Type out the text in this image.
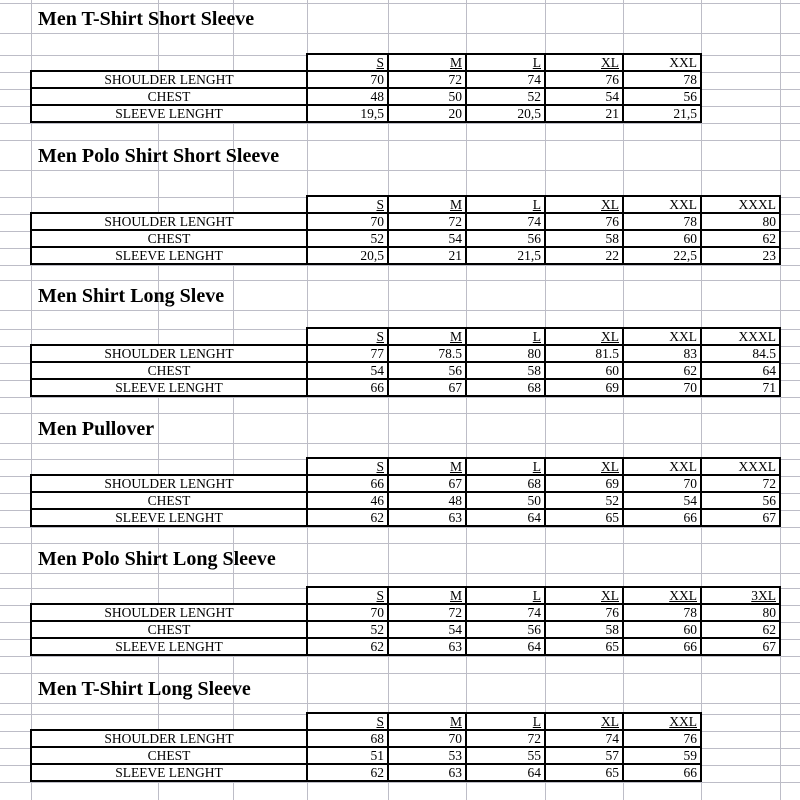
Men T-Shirt Short Sleeve
	S	M	L	XL	XXL
SHOULDER LENGHT	70	72	74	76	78
CHEST	48	50	52	54	56
SLEEVE LENGHT	19,5	20	20,5	21	21,5
Men Polo Shirt Short Sleeve
	S	M	L	XL	XXL	XXXL
SHOULDER LENGHT	70	72	74	76	78	80
CHEST	52	54	56	58	60	62
SLEEVE LENGHT	20,5	21	21,5	22	22,5	23
Men Shirt Long Sleve
	S	M	L	XL	XXL	XXXL
SHOULDER LENGHT	77	78.5	80	81.5	83	84.5
CHEST	54	56	58	60	62	64
SLEEVE LENGHT	66	67	68	69	70	71
Men Pullover
	S	M	L	XL	XXL	XXXL
SHOULDER LENGHT	66	67	68	69	70	72
CHEST	46	48	50	52	54	56
SLEEVE LENGHT	62	63	64	65	66	67
Men Polo Shirt Long Sleeve
	S	M	L	XL	XXL	3XL
SHOULDER LENGHT	70	72	74	76	78	80
CHEST	52	54	56	58	60	62
SLEEVE LENGHT	62	63	64	65	66	67
Men T-Shirt Long Sleeve
	S	M	L	XL	XXL
SHOULDER LENGHT	68	70	72	74	76
CHEST	51	53	55	57	59
SLEEVE LENGHT	62	63	64	65	66
